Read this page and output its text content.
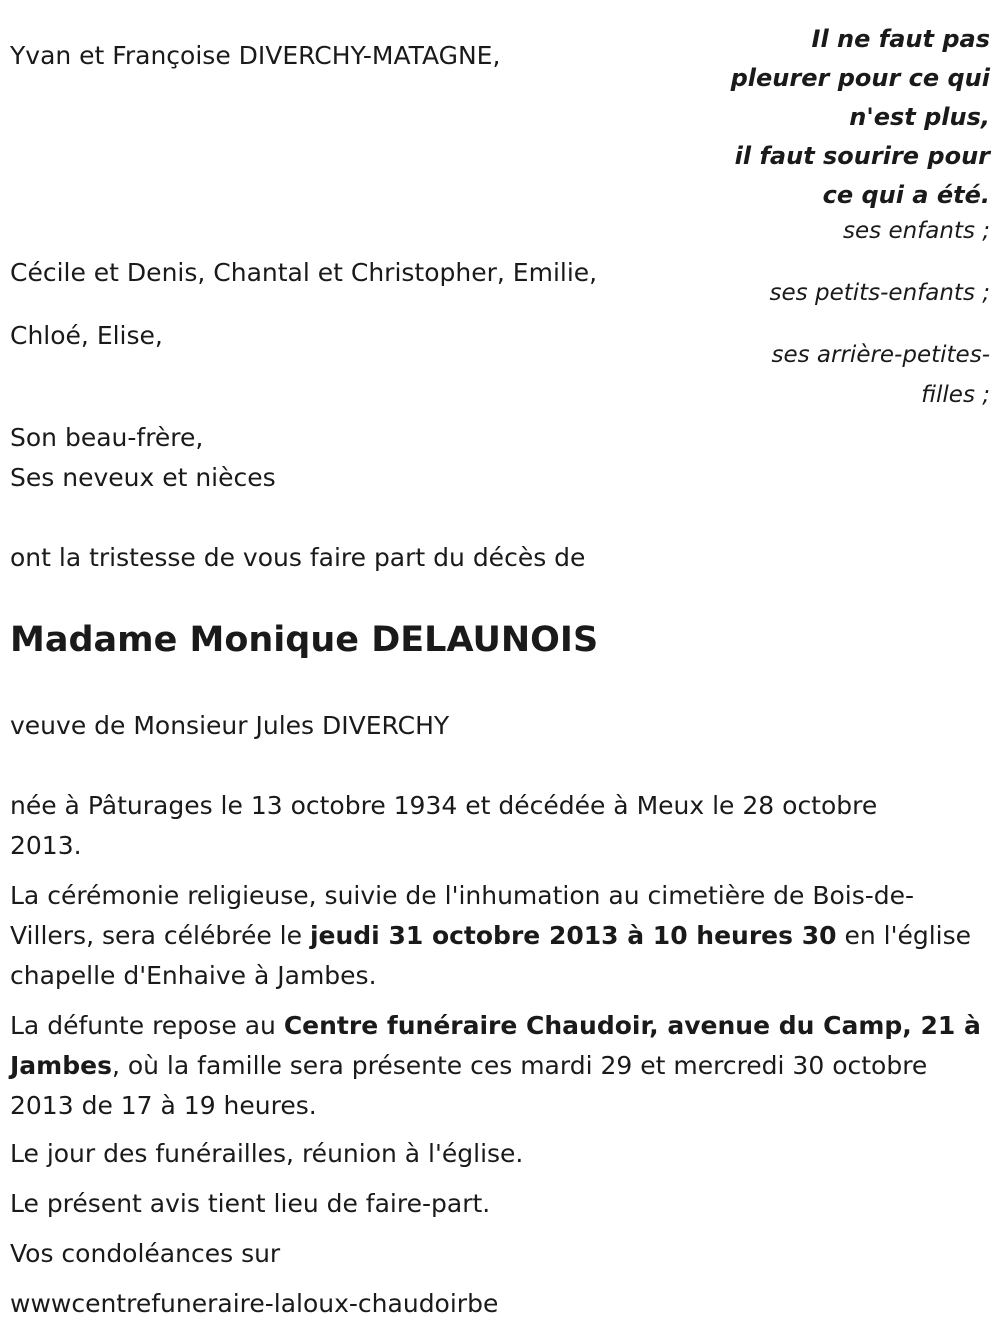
Yvan et Françoise DIVERCHY-MATAGNE,

Cécile et Denis, Chantal et Christopher, Emilie,

Chloé, Elise,

Son beau-frère,

Ses neveux et nièces

Il ne faut pas

pleurer pour ce qui

n'est plus,

il faut sourire pour

ce qui a été.

ses enfants ;

ses petits-enfants ;

ses arrière-petites-

filles ;

ont la tristesse de vous faire part du décès de

Madame Monique DELAUNOIS

veuve de Monsieur Jules DIVERCHY

née à Pâturages le 13 octobre 1934 et décédée à Meux le 28 octobre

2013.

La cérémonie religieuse, suivie de l'inhumation au cimetière de Bois-de-

Villers, sera célébrée le jeudi 31 octobre 2013 à 10 heures 30 en l'église

chapelle d'Enhaive à Jambes.

La défunte repose au Centre funéraire Chaudoir, avenue du Camp, 21 à

Jambes, où la famille sera présente ces mardi 29 et mercredi 30 octobre

2013 de 17 à 19 heures.

Le jour des funérailles, réunion à l'église.

Le présent avis tient lieu de faire-part.

Vos condoléances sur

wwwcentrefuneraire-laloux-chaudoirbe
